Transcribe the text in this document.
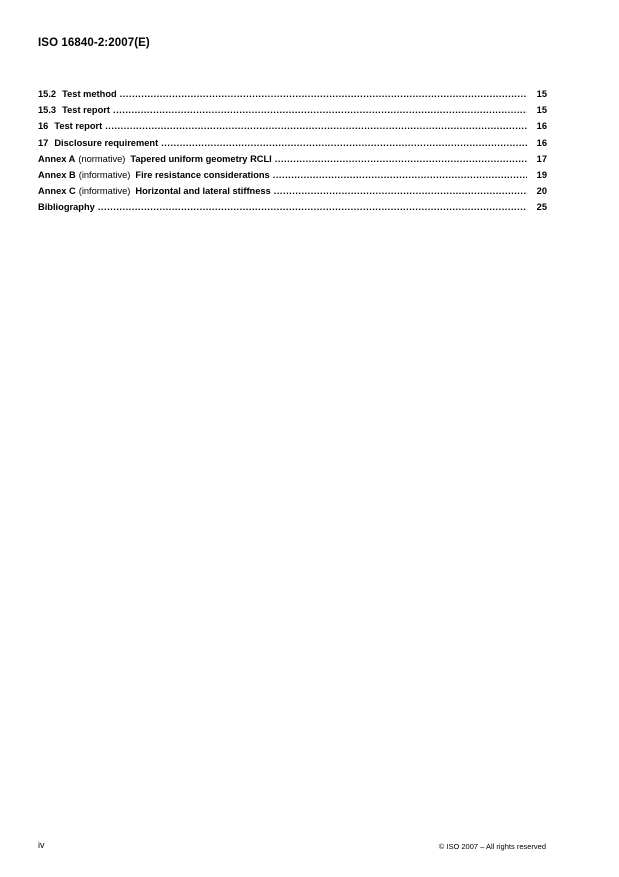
ISO 16840-2:2007(E)
15.2 Test method .....	15
15.3 Test report .....	15
16 Test report .....	16
17 Disclosure requirement .....	16
Annex A (normative) Tapered uniform geometry RCLI .....	17
Annex B (informative) Fire resistance considerations .....	19
Annex C (informative) Horizontal and lateral stiffness .....	20
Bibliography .....	25
iv	© ISO 2007 – All rights reserved
